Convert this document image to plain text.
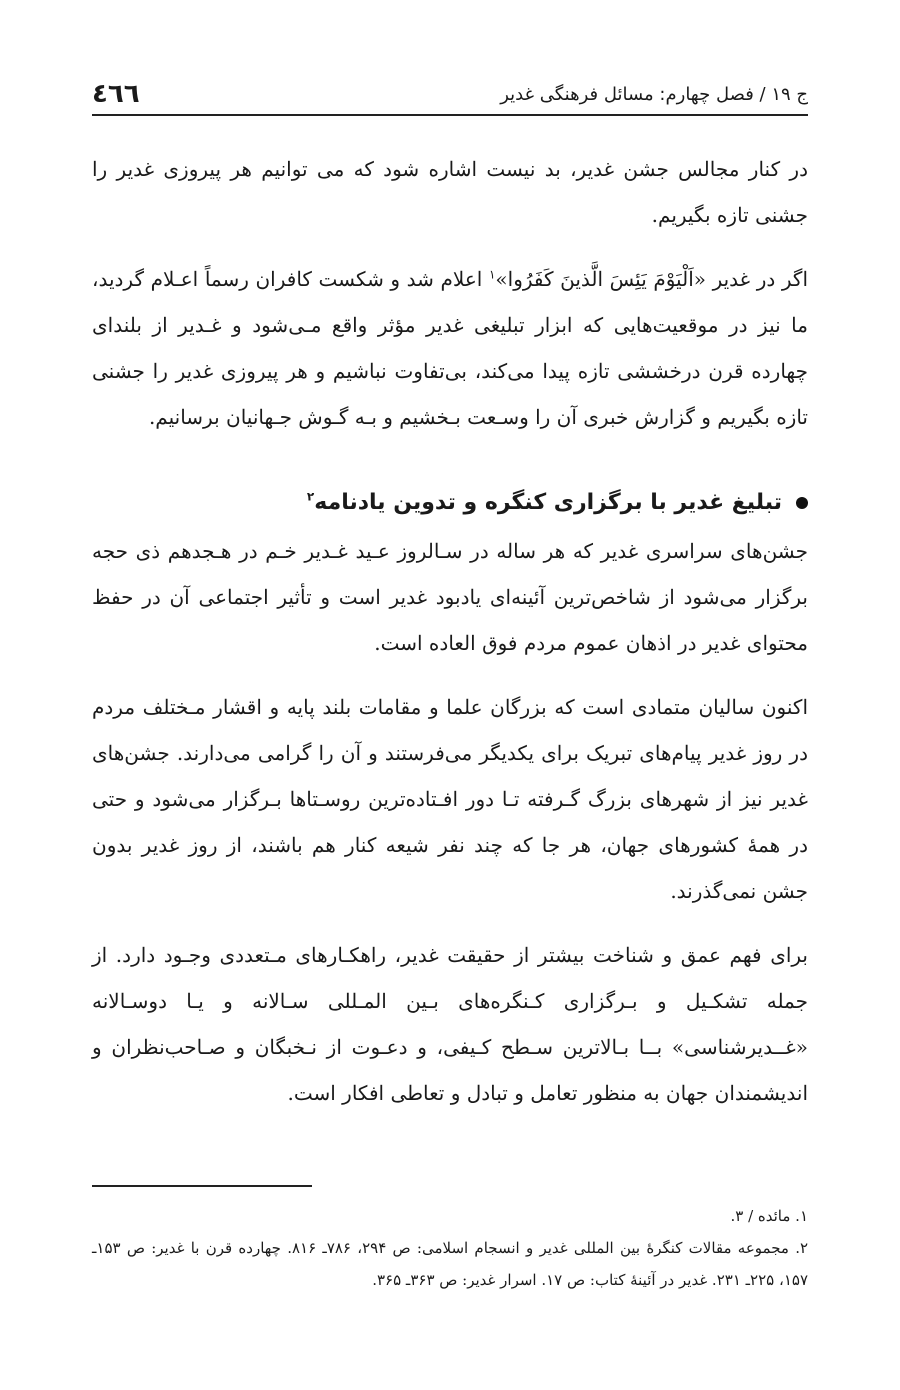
ج ۱۹ / فصل چهارم: مسائل فرهنگی غدیر
٤٦٦

در کنار مجالس جشن غدیر، بد نیست اشاره شود که می توانیم هر پیروزی غدیر را جشنی تازه بگیریم.

اگر در غدیر «اَلْیَوْمَ یَئِسَ الَّذینَ کَفَرُوا»$^۱$ اعلام شد و شکست کافران رسماً اعـلام گردید، ما نیز در موقعیت‌هایی که ابزار تبلیغی غدیر مؤثر واقع مـی‌شود و غـدیر از بلندای چهارده قرن درخششی تازه پیدا می‌کند، بی‌تفاوت نباشیم و هر پیروزی غدیر را جشنی تازه بگیریم و گزارش خبری آن را وسـعت بـخشیم و بـه گـوش جـهانیان برسانیم.

تبلیغ غدیر با برگزاری کنگره و تدوین یادنامه$^۲$

جشن‌های سراسری غدیر که هر ساله در سـالروز عـید غـدیر خـم در هـجدهم ذی حجه برگزار می‌شود از شاخص‌ترین آئینه‌ای یادبود غدیر است و تأثیر اجتماعی آن در حفظ محتوای غدیر در اذهان عموم مردم فوق العاده است.

اکنون سالیان متمادی است که بزرگان علما و مقامات بلند پایه و اقشار مـختلف مردم در روز غدیر پیام‌های تبریک برای یکدیگر می‌فرستند و آن را گرامی می‌دارند. جشن‌های غدیر نیز از شهرهای بزرگ گـرفته تـا دور افـتاده‌ترین روسـتاها بـرگزار می‌شود و حتی در همهٔ کشورهای جهان، هر جا که چند نفر شیعه کنار هم باشند، از روز غدیر بدون جشن نمی‌گذرند.

برای فهم عمق و شناخت بیشتر از حقیقت غدیر، راهکـارهای مـتعددی وجـود دارد. از جمله تشکـیل و بـرگزاری کـنگره‌های بـین المـللی سـالانه و یـا دوسـالانه «غــدیرشناسی» بــا بـالاترین سـطح کـیفی، و دعـوت از نـخبگان و صـاحب‌نظران و اندیشمندان جهان به منظور تعامل و تبادل و تعاطی افکار است.

۱. مائده / ۳.

۲. مجموعه مقالات کنگرهٔ بین المللی غدیر و انسجام اسلامی: ص ۲۹۴، ۷۸۶ـ ۸۱۶. چهارده قرن با غدیر: ص ۱۵۳ـ ۱۵۷، ۲۲۵ـ ۲۳۱. غدیر در آئینهٔ کتاب: ص ۱۷. اسرار غدیر: ص ۳۶۳ـ ۳۶۵.
